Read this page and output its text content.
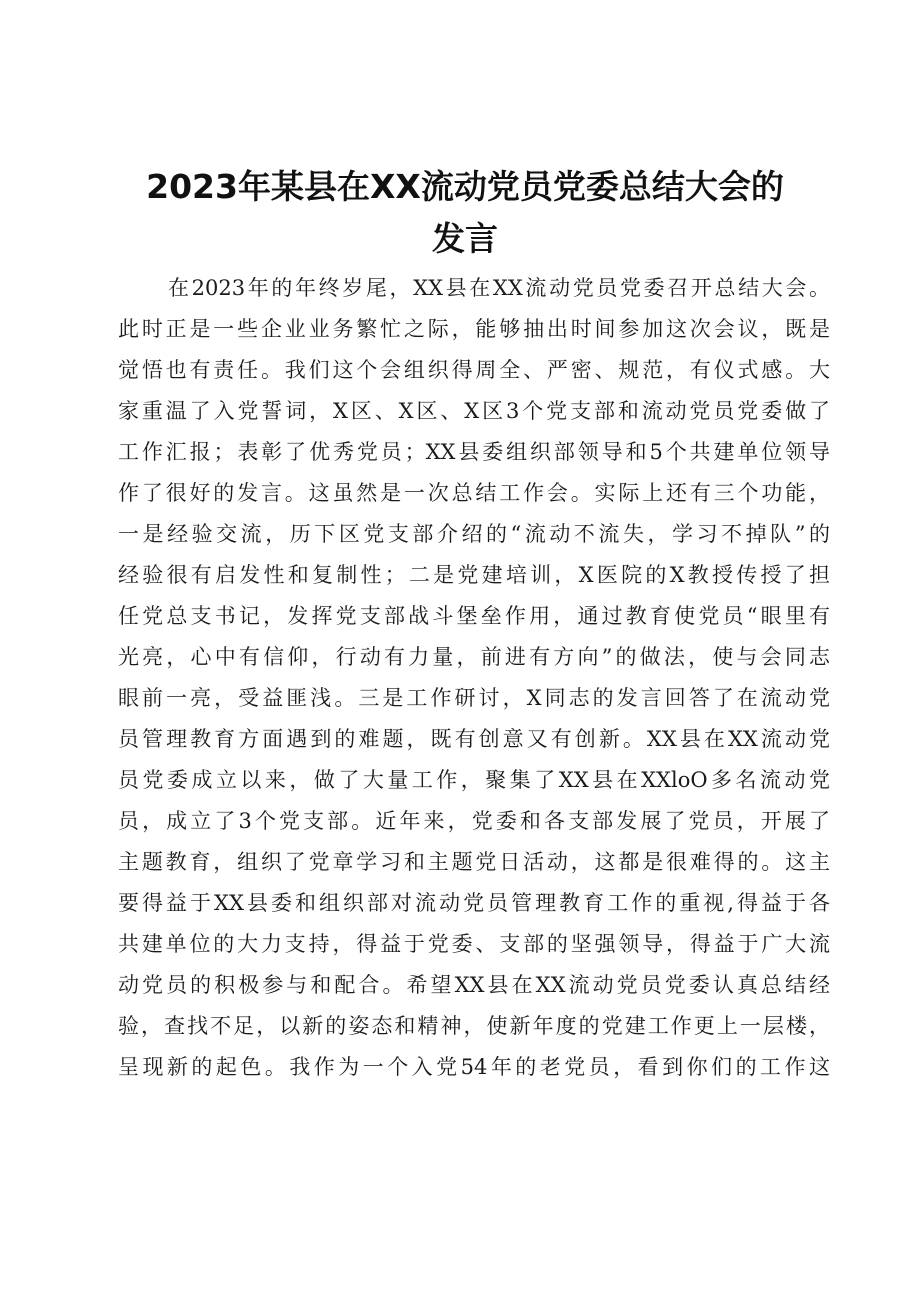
2023年某县在XX流动党员党委总结大会的
发言
在2023年的年终岁尾，XX县在XX流动党员党委召开总结大会。
此时正是一些企业业务繁忙之际，能够抽出时间参加这次会议，既是
觉悟也有责任。我们这个会组织得周全、严密、规范，有仪式感。大
家重温了入党誓词，X区、X区、X区3个党支部和流动党员党委做了
工作汇报；表彰了优秀党员；XX县委组织部领导和5个共建单位领导
作了很好的发言。这虽然是一次总结工作会。实际上还有三个功能，
一是经验交流，历下区党支部介绍的“流动不流失，学习不掉队”的
经验很有启发性和复制性；二是党建培训，X医院的X教授传授了担
任党总支书记，发挥党支部战斗堡垒作用，通过教育使党员“眼里有
光亮，心中有信仰，行动有力量，前进有方向”的做法，使与会同志
眼前一亮，受益匪浅。三是工作研讨，X同志的发言回答了在流动党
员管理教育方面遇到的难题，既有创意又有创新。XX县在XX流动党
员党委成立以来，做了大量工作，聚集了XX县在XXloO多名流动党
员，成立了3个党支部。近年来，党委和各支部发展了党员，开展了
主题教育，组织了党章学习和主题党日活动，这都是很难得的。这主
要得益于XX县委和组织部对流动党员管理教育工作的重视,得益于各
共建单位的大力支持，得益于党委、支部的坚强领导，得益于广大流
动党员的积极参与和配合。希望XX县在XX流动党员党委认真总结经
验，查找不足，以新的姿态和精神，使新年度的党建工作更上一层楼，
呈现新的起色。我作为一个入党54年的老党员，看到你们的工作这
